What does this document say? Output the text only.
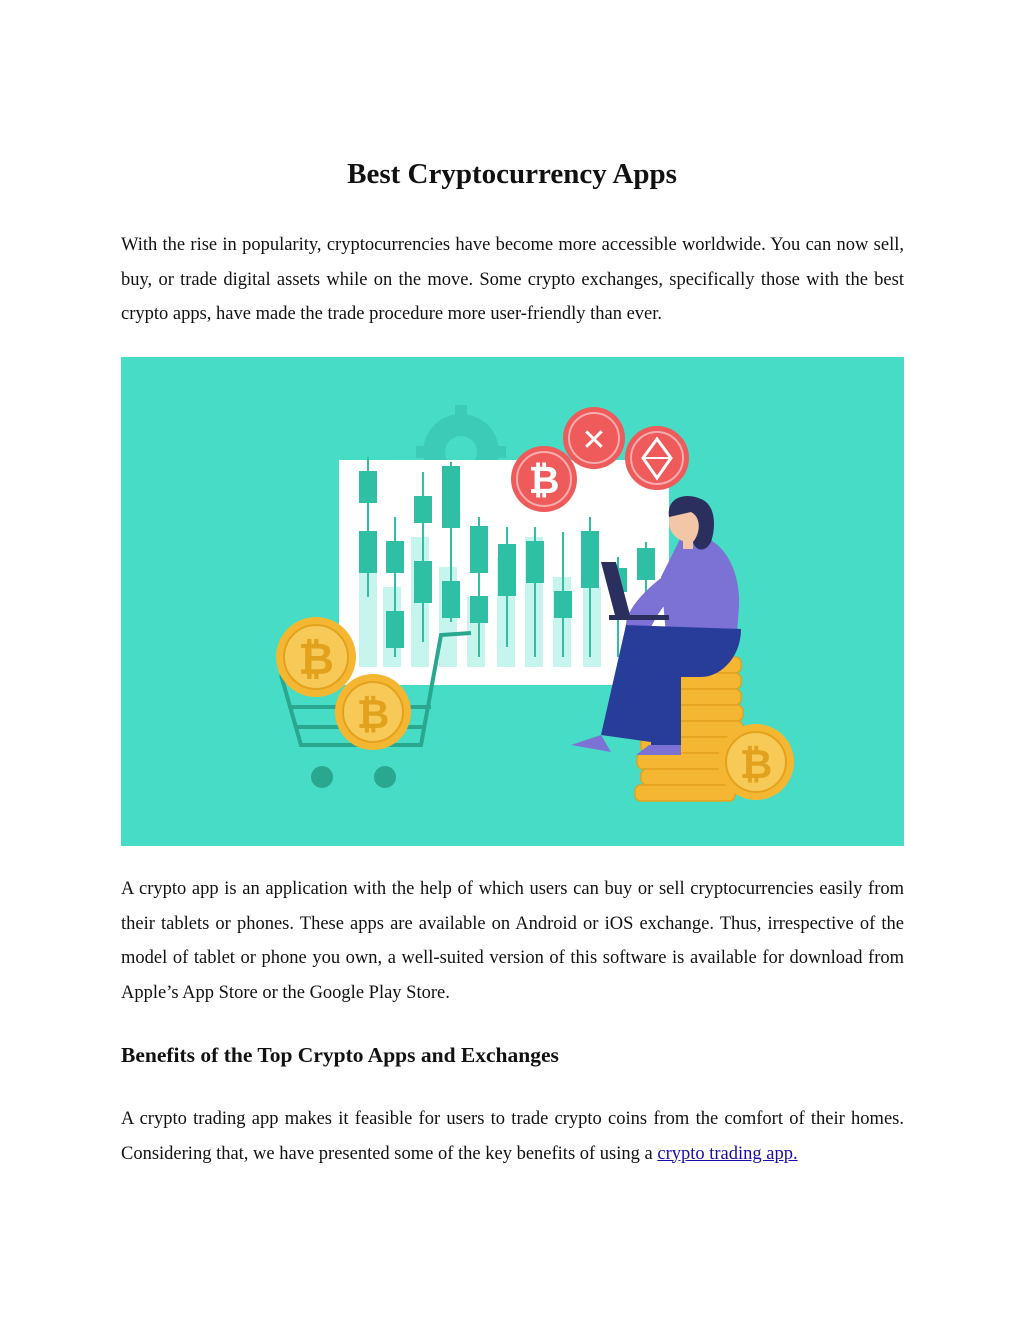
Best Cryptocurrency Apps

With the rise in popularity, cryptocurrencies have become more accessible worldwide. You can now sell, buy, or trade digital assets while on the move. Some crypto exchanges, specifically those with the best crypto apps, have made the trade procedure more user-friendly than ever.

₿
✕
₿
₿
₿

A crypto app is an application with the help of which users can buy or sell cryptocurrencies easily from their tablets or phones. These apps are available on Android or iOS exchange. Thus, irrespective of the model of tablet or phone you own, a well-suited version of this software is available for download from Apple’s App Store or the Google Play Store.

Benefits of the Top Crypto Apps and Exchanges

A crypto trading app makes it feasible for users to trade crypto coins from the comfort of their homes. Considering that, we have presented some of the key benefits of using a crypto trading app.
